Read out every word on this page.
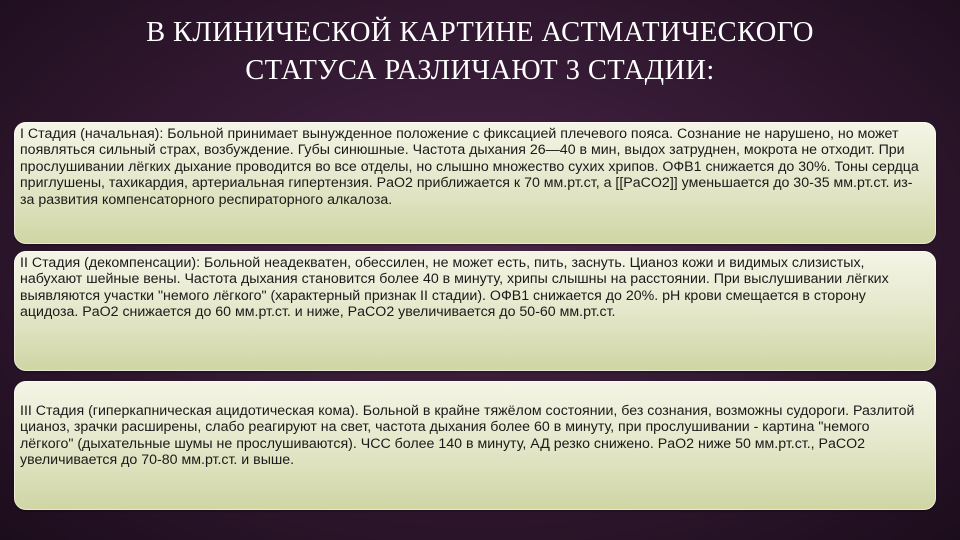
В КЛИНИЧЕСКОЙ КАРТИНЕ АСТМАТИЧЕСКОГО
СТАТУСА РАЗЛИЧАЮТ 3 СТАДИИ:
I Стадия (начальная): Больной принимает вынужденное положение с фиксацией плечевого пояса. Сознание не нарушено, но может появляться сильный страх, возбуждение. Губы синюшные. Частота дыхания 26—40 в мин, выдох затруднен, мокрота не отходит. При прослушивании лёгких дыхание проводится во все отделы, но слышно множество сухих хрипов. ОФВ1 снижается до 30%. Тоны сердца приглушены, тахикардия, артериальная гипертензия. PaO2 приближается к 70 мм.рт.ст, а [[PaCO2]] уменьшается до 30-35 мм.рт.ст. из-за развития компенсаторного респираторного алкалоза.
II Стадия (декомпенсации): Больной неадекватен, обессилен, не может есть, пить, заснуть. Цианоз кожи и видимых слизистых, набухают шейные вены. Частота дыхания становится более 40 в минуту, хрипы слышны на расстоянии. При выслушивании лёгких выявляются участки "немого лёгкого" (характерный признак II стадии). ОФВ1 снижается до 20%. pH крови смещается в сторону ацидоза. PaO2 снижается до 60 мм.рт.ст. и ниже, PaCO2 увеличивается до 50-60 мм.рт.ст.
III Стадия (гиперкапническая ацидотическая кома). Больной в крайне тяжёлом состоянии, без сознания, возможны судороги. Разлитой цианоз, зрачки расширены, слабо реагируют на свет, частота дыхания более 60 в минуту, при прослушивании - картина "немого лёгкого" (дыхательные шумы не прослушиваются). ЧСС более 140 в минуту, АД резко снижено. PaO2 ниже 50 мм.рт.ст., PaCO2 увеличивается до 70-80 мм.рт.ст. и выше.
